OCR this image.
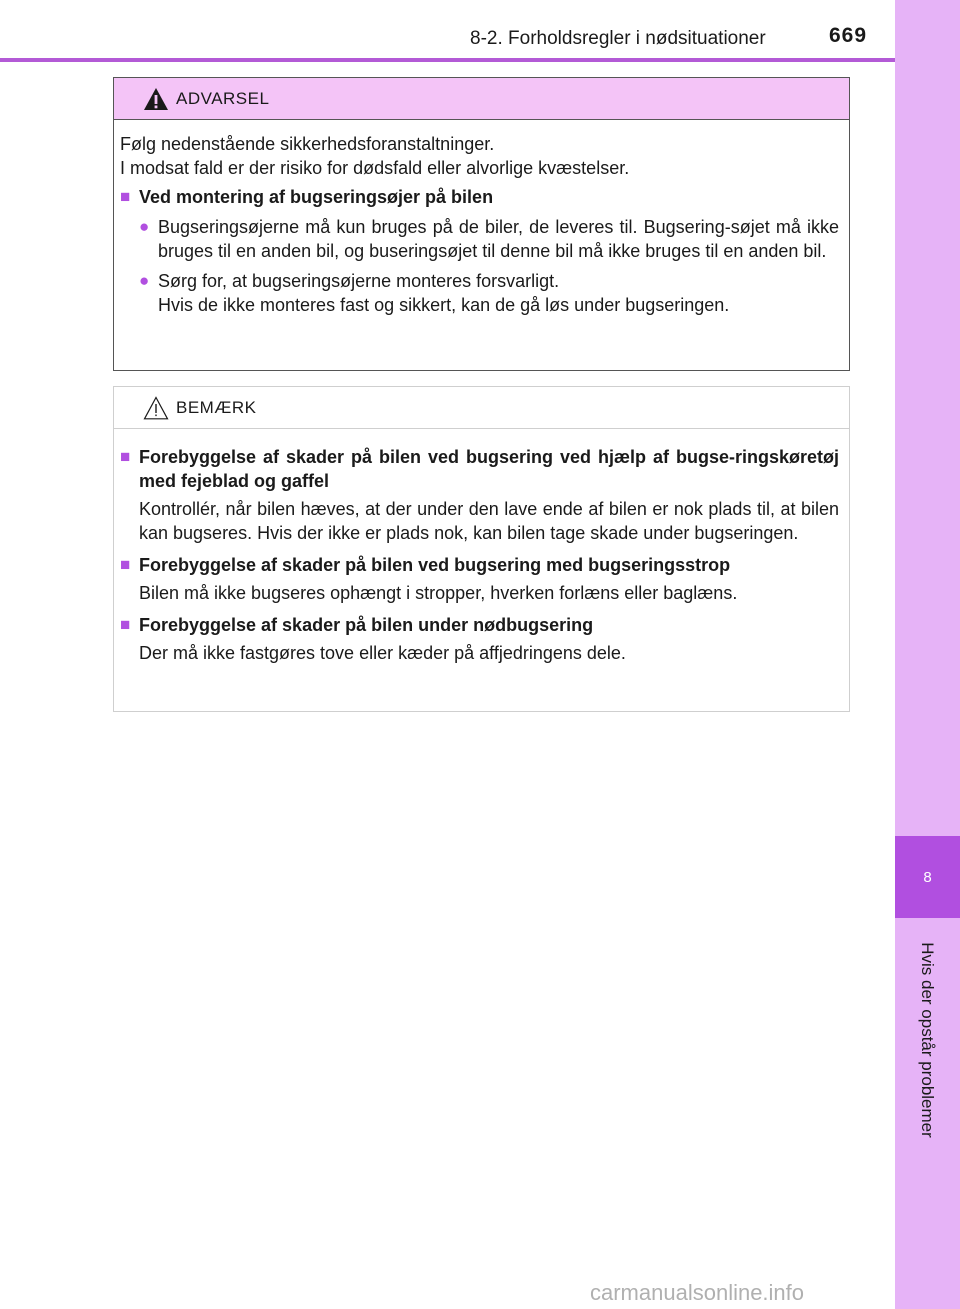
8-2. Forholdsregler i nødsituationer	669
8
Hvis der opstår problemer
ADVARSEL

Følg nedenstående sikkerhedsforanstaltninger.

I modsat fald er der risiko for dødsfald eller alvorlige kvæstelser.

■ Ved montering af bugseringsøjer på bilen
● Bugseringsøjerne må kun bruges på de biler, de leveres til. Bugsering-søjet må ikke bruges til en anden bil, og buseringsøjet til denne bil må ikke bruges til en anden bil.
● Sørg for, at bugseringsøjerne monteres forsvarligt.
Hvis de ikke monteres fast og sikkert, kan de gå løs under bugseringen.
BEMÆRK
■ Forebyggelse af skader på bilen ved bugsering ved hjælp af bugse-ringskøretøj med fejeblad og gaffel
Kontrollér, når bilen hæves, at der under den lave ende af bilen er nok plads til, at bilen kan bugseres. Hvis der ikke er plads nok, kan bilen tage skade under bugseringen.
■ Forebyggelse af skader på bilen ved bugsering med bugseringsstrop
Bilen må ikke bugseres ophængt i stropper, hverken forlæns eller baglæns.
■ Forebyggelse af skader på bilen under nødbugsering
Der må ikke fastgøres tove eller kæder på affjedringens dele.
carmanualsonline.info
